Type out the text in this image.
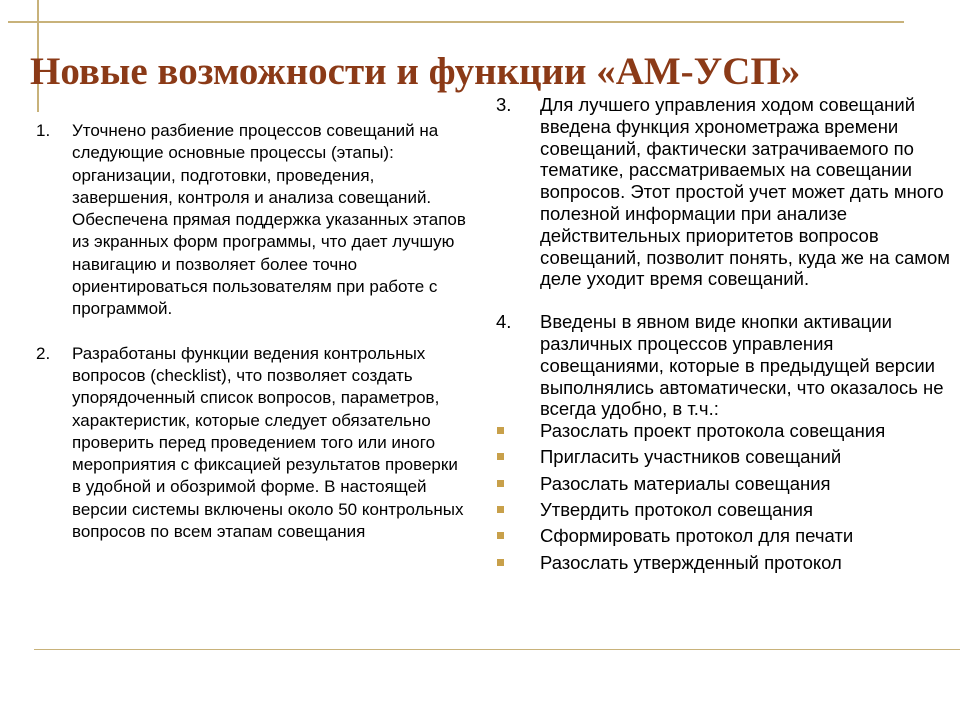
Новые возможности и функции «АМ-УСП»

1. Уточнено разбиение процессов совещаний на следующие основные процессы (этапы): организации, подготовки, проведения, завершения, контроля и анализа совещаний. Обеспечена прямая поддержка указанных этапов из экранных форм программы, что дает лучшую навигацию и позволяет более точно ориентироваться пользователям при работе с программой.

2. Разработаны функции ведения контрольных вопросов (checklist), что позволяет создать упорядоченный список вопросов, параметров, характеристик, которые следует обязательно проверить перед проведением того или иного мероприятия с фиксацией результатов проверки в удобной и обозримой форме. В настоящей версии системы включены около 50 контрольных вопросов по всем этапам совещания

3. Для лучшего управления ходом совещаний введена функция хронометража времени совещаний, фактически затрачиваемого по тематике, рассматриваемых на совещании вопросов. Этот простой учет может дать много полезной информации при анализе действительных приоритетов вопросов совещаний, позволит понять, куда же на самом деле уходит время совещаний.

4. Введены в явном виде кнопки активации различных процессов управления совещаниями, которые в предыдущей версии выполнялись автоматически, что оказалось не всегда удобно, в т.ч.:

Разослать проект протокола совещания
Пригласить участников совещаний
Разослать материалы совещания
Утвердить протокол совещания
Сформировать протокол для печати
Разослать утвержденный протокол
